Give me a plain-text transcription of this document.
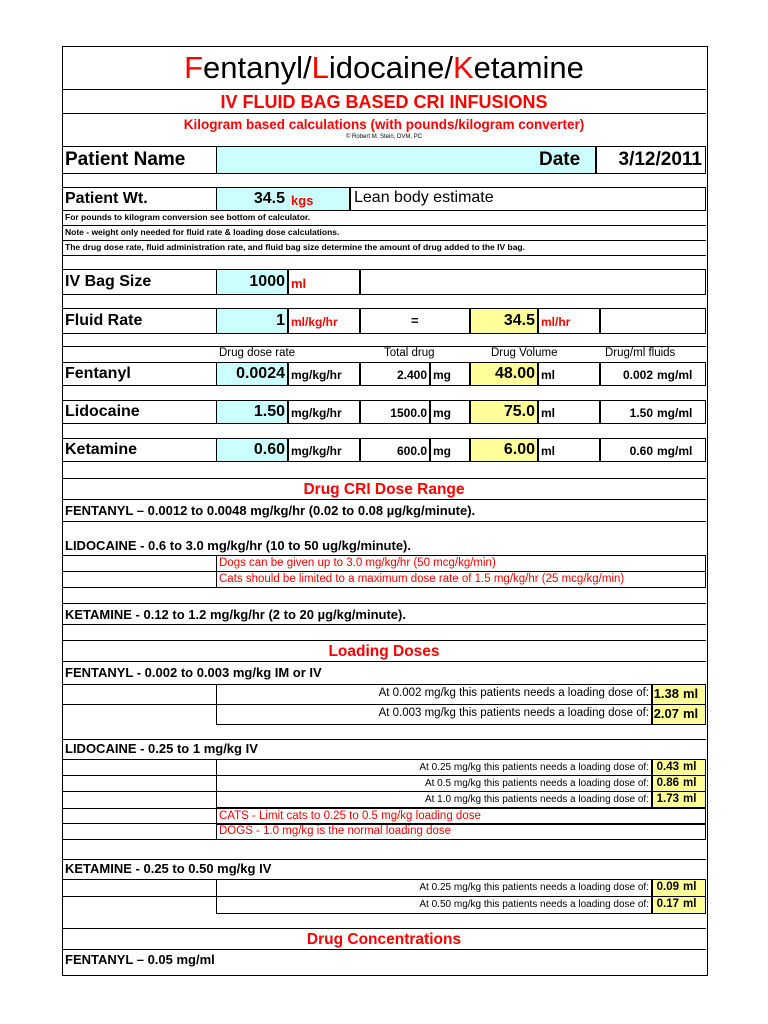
Fentanyl/Lidocaine/Ketamine
IV FLUID BAG BASED CRI INFUSIONS
Kilogram based calculations (with pounds/kilogram converter)
© Robert M. Stein, DVM, PC
Patient Name	Date 3/12/2011
Patient Wt.	34.5 kgs	Lean body estimate
For pounds to kilogram conversion see bottom of calculator.
Note - weight only needed for fluid rate & loading dose calculations.
The drug dose rate, fluid administration rate, and fluid bag size determine the amount of drug added to the IV bag.
IV Bag Size	1000 ml
Fluid Rate	1 ml/kg/hr	=	34.5 ml/hr
Drug dose rate	Total drug	Drug Volume	Drug/ml fluids
Fentanyl	0.0024 mg/kg/hr	2.400 mg	48.00 ml	0.002 mg/ml
Lidocaine	1.50 mg/kg/hr	1500.0 mg	75.0 ml	1.50 mg/ml
Ketamine	0.60 mg/kg/hr	600.0 mg	6.00 ml	0.60 mg/ml
Drug CRI Dose Range
FENTANYL – 0.0012 to 0.0048 mg/kg/hr (0.02 to 0.08 µg/kg/minute).
LIDOCAINE - 0.6 to 3.0 mg/kg/hr (10 to 50 ug/kg/minute).
Dogs can be given up to 3.0 mg/kg/hr (50 mcg/kg/min)
Cats should be limited to a maximum dose rate of 1.5 mg/kg/hr (25 mcg/kg/min)
KETAMINE - 0.12 to 1.2 mg/kg/hr (2 to 20 µg/kg/minute).
Loading Doses
FENTANYL - 0.002 to 0.003 mg/kg IM or IV
At 0.002 mg/kg this patients needs a loading dose of: 1.38 ml
At 0.003 mg/kg this patients needs a loading dose of: 2.07 ml
LIDOCAINE - 0.25 to 1 mg/kg IV
At 0.25 mg/kg this patients needs a loading dose of: 0.43 ml
At 0.5 mg/kg this patients needs a loading dose of: 0.86 ml
At 1.0 mg/kg this patients needs a loading dose of: 1.73 ml
CATS - Limit cats to 0.25 to 0.5 mg/kg loading dose
DOGS - 1.0 mg/kg is the normal loading dose
KETAMINE - 0.25 to 0.50 mg/kg IV
At 0.25 mg/kg this patients needs a loading dose of: 0.09 ml
At 0.50 mg/kg this patients needs a loading dose of: 0.17 ml
Drug Concentrations
FENTANYL – 0.05 mg/ml
